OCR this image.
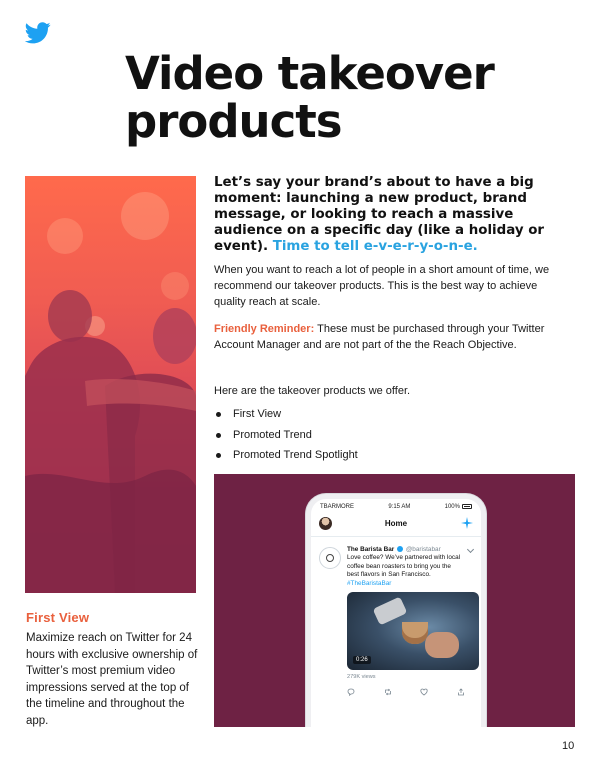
Video takeover products
First View

Maximize reach on Twitter for 24 hours with exclusive ownership of Twitter’s most premium video impressions served at the top of the timeline and throughout the app.

Let’s say your brand’s about to have a big moment: launching a new product, brand message, or looking to reach a massive audience on a specific day (like a holiday or event). Time to tell e-v-e-r-y-o-n-e.

When you want to reach a lot of people in a short amount of time, we recommend our takeover products. This is the best way to achieve quality reach at scale.

Friendly Reminder: These must be purchased through your Twitter Account Manager and are not part of the the Reach Objective.

Here are the takeover products we offer.

First View
Promoted Trend
Promoted Trend Spotlight
TBARMORE	9:15 AM	100%
Home
The Barista Bar @baristabar
Love coffee? We’ve partnered with local coffee bean roasters to bring you the best flavors in San Francisco.
#TheBaristaBar
0:26
279K views
10
